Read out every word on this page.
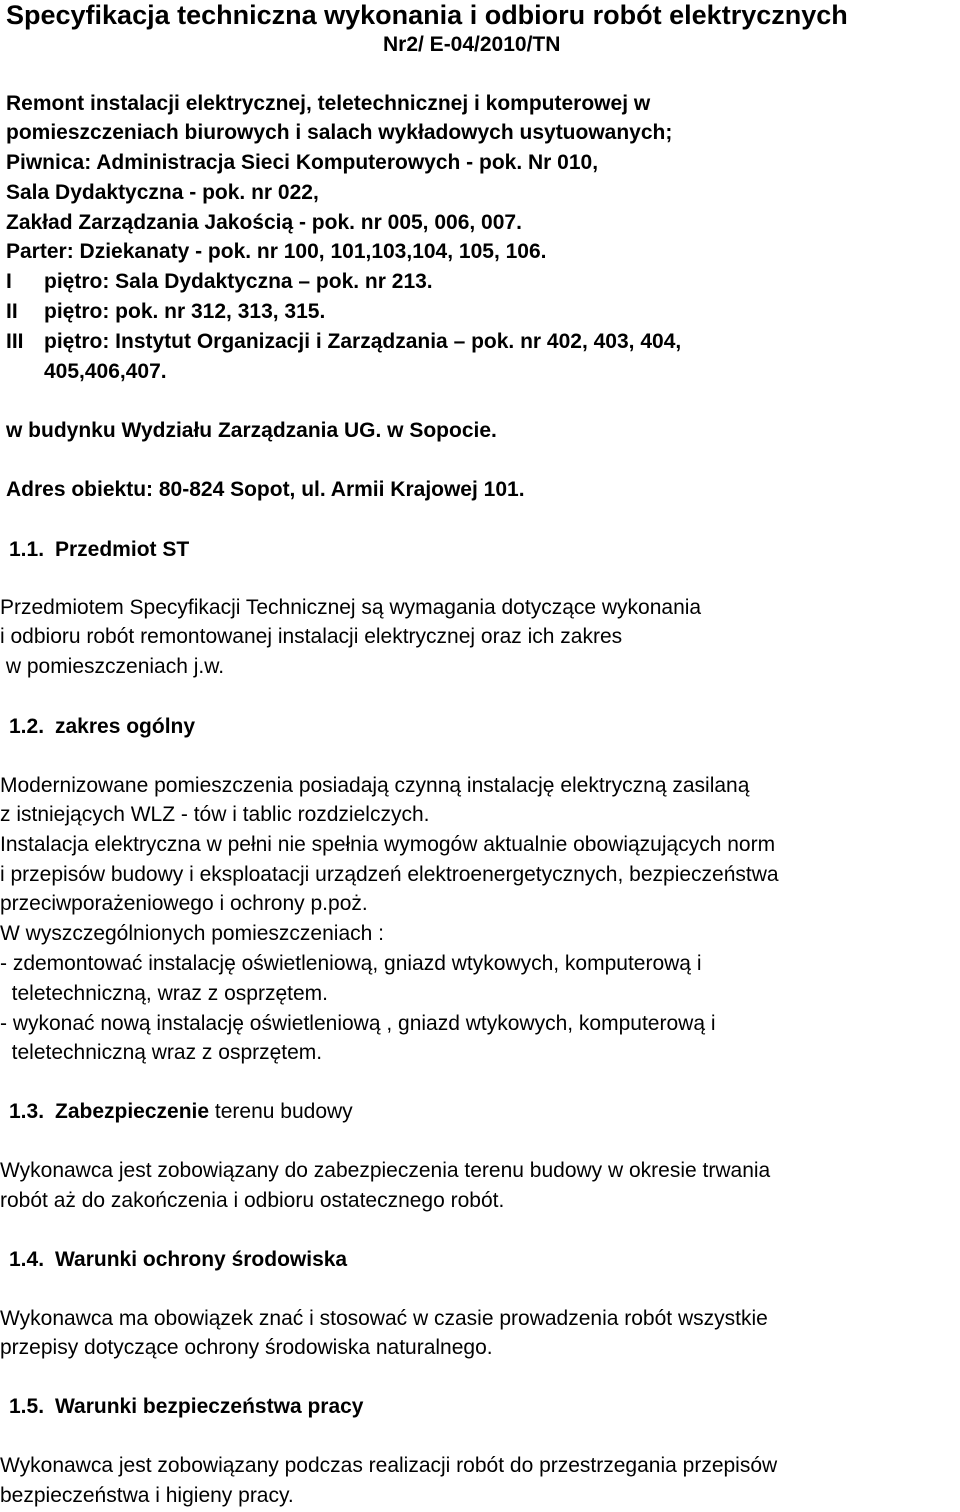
Specyfikacja techniczna wykonania i odbioru robót elektrycznych
Nr2/ E-04/2010/TN
Remont instalacji elektrycznej, teletechnicznej i komputerowej w
pomieszczeniach biurowych i salach wykładowych usytuowanych;
Piwnica: Administracja Sieci Komputerowych - pok. Nr 010,
Sala Dydaktyczna - pok. nr 022,
Zakład Zarządzania Jakością - pok. nr 005, 006, 007.
Parter: Dziekanaty - pok. nr 100, 101,103,104, 105, 106.
I piętro: Sala Dydaktyczna – pok. nr 213.
II piętro: pok. nr 312, 313, 315.
III piętro: Instytut Organizacji i Zarządzania – pok. nr 402, 403, 404,
405,406,407.
w budynku Wydziału Zarządzania UG. w Sopocie.
Adres obiektu: 80-824 Sopot, ul. Armii Krajowej 101.
1.1. Przedmiot ST
Przedmiotem Specyfikacji Technicznej są wymagania dotyczące wykonania
i odbioru robót remontowanej instalacji elektrycznej oraz ich zakres
w pomieszczeniach j.w.
1.2. zakres ogólny
Modernizowane pomieszczenia posiadają czynną instalację elektryczną zasilaną
z istniejących WLZ - tów i tablic rozdzielczych.
Instalacja elektryczna w pełni nie spełnia wymogów aktualnie obowiązujących norm
i przepisów budowy i eksploatacji urządzeń elektroenergetycznych, bezpieczeństwa
przeciwporażeniowego i ochrony p.poż.
W wyszczególnionych pomieszczeniach :
- zdemontować instalację oświetleniową, gniazd wtykowych, komputerową i
teletechniczną, wraz z osprzętem.
- wykonać nową instalację oświetleniową , gniazd wtykowych, komputerową i
teletechniczną wraz z osprzętem.
1.3. Zabezpieczenie terenu budowy
Wykonawca jest zobowiązany do zabezpieczenia terenu budowy w okresie trwania
robót aż do zakończenia i odbioru ostatecznego robót.
1.4. Warunki ochrony środowiska
Wykonawca ma obowiązek znać i stosować w czasie prowadzenia robót wszystkie
przepisy dotyczące ochrony środowiska naturalnego.
1.5. Warunki bezpieczeństwa pracy
Wykonawca jest zobowiązany podczas realizacji robót do przestrzegania przepisów
bezpieczeństwa i higieny pracy.
